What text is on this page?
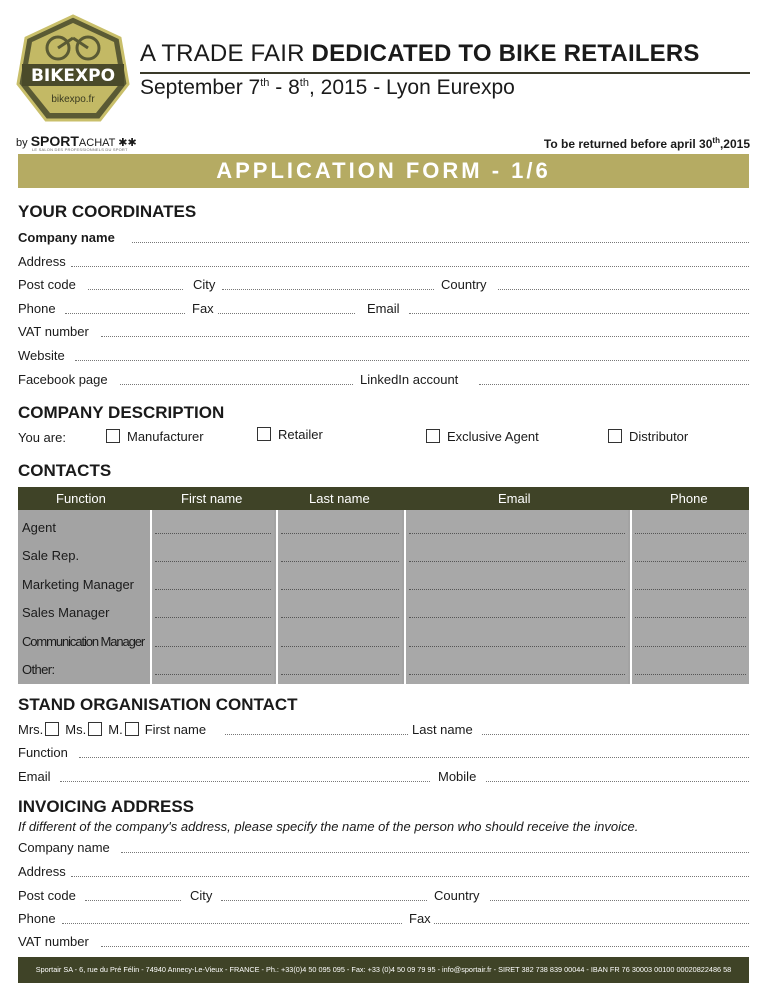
BIKEXPO
bikexpo.fr
A TRADE FAIR DEDICATED TO BIKE RETAILERS
September 7th - 8th, 2015 - Lyon Eurexpo
by SPORTACHAT ✱✱
LE SALON DES PROFESSIONNELS DU SPORT	To be returned before april 30th,2015
APPLICATION FORM - 1/6
YOUR COORDINATES
Company name
Address
Post code	City	Country
Phone	Fax	Email
VAT number
Website
Facebook page	LinkedIn account
COMPANY DESCRIPTION
You are:	Manufacturer	Retailer	Exclusive Agent	Distributor
CONTACTS
Function	First name	Last name	Email	Phone
Agent
Sale Rep.
Marketing Manager
Sales Manager
Communication Manager
Other:
STAND ORGANISATION CONTACT
Mrs. Ms. M. First name	Last name
Function
Email	Mobile
INVOICING ADDRESS
If different of the company's address, please specify the name of the person who should receive the invoice.
Company name
Address
Post code	City	Country
Phone	Fax
VAT number
Sportair SA - 6, rue du Pré Félin - 74940 Annecy-Le-Vieux - FRANCE - Ph.: +33(0)4 50 095 095 - Fax: +33 (0)4 50 09 79 95 - info@sportair.fr - SIRET 382 738 839 00044 - IBAN FR 76 30003 00100 00020822486 58
